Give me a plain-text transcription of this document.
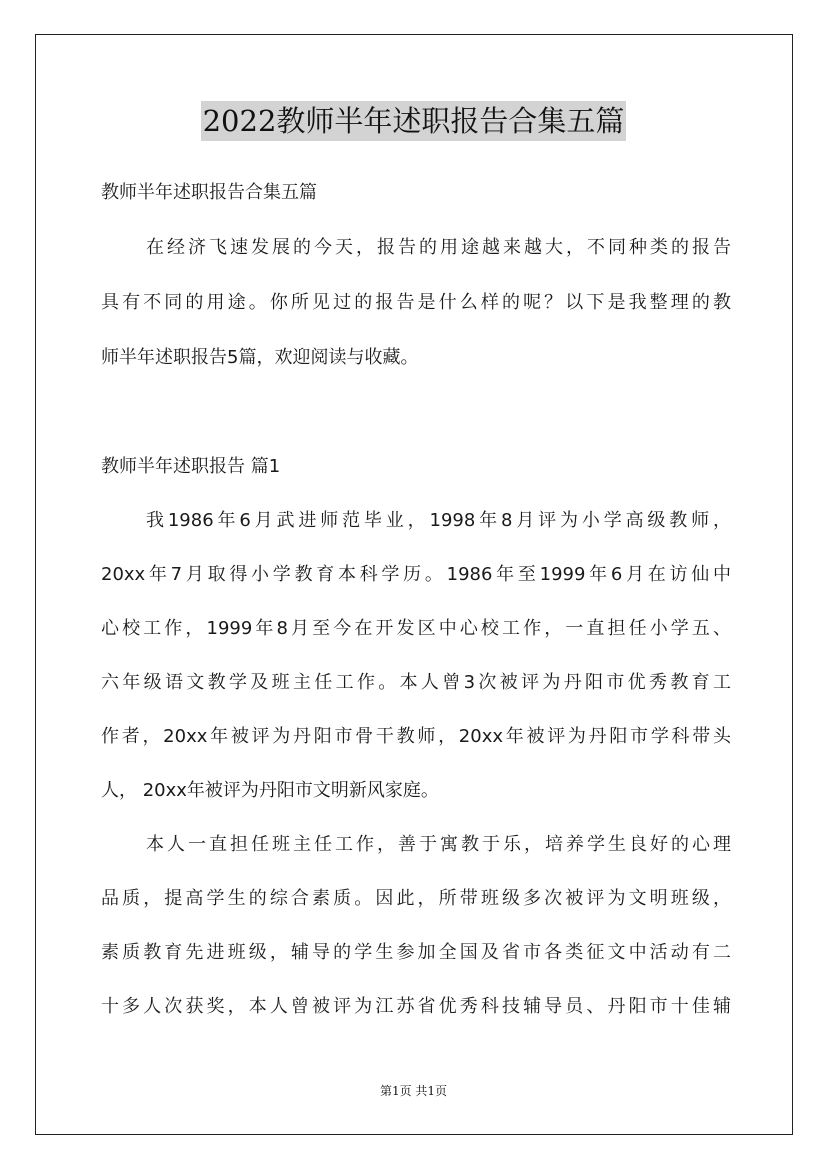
2022教师半年述职报告合集五篇
教师半年述职报告合集五篇
在经济飞速发展的今天，报告的用途越来越大，不同种类的报告
具有不同的用途。你所见过的报告是什么样的呢？以下是我整理的教
师半年述职报告5篇，欢迎阅读与收藏。
教师半年述职报告 篇1
我1986年6月武进师范毕业，1998年8月评为小学高级教师，
20xx年7月取得小学教育本科学历。1986年至1999年6月在访仙中
心校工作，1999年8月至今在开发区中心校工作，一直担任小学五、
六年级语文教学及班主任工作。本人曾3次被评为丹阳市优秀教育工
作者，20xx年被评为丹阳市骨干教师，20xx年被评为丹阳市学科带头
人， 20xx年被评为丹阳市文明新风家庭。
本人一直担任班主任工作，善于寓教于乐，培养学生良好的心理
品质，提高学生的综合素质。因此，所带班级多次被评为文明班级，
素质教育先进班级，辅导的学生参加全国及省市各类征文中活动有二
十多人次获奖，本人曾被评为江苏省优秀科技辅导员、丹阳市十佳辅
第1页 共1页
